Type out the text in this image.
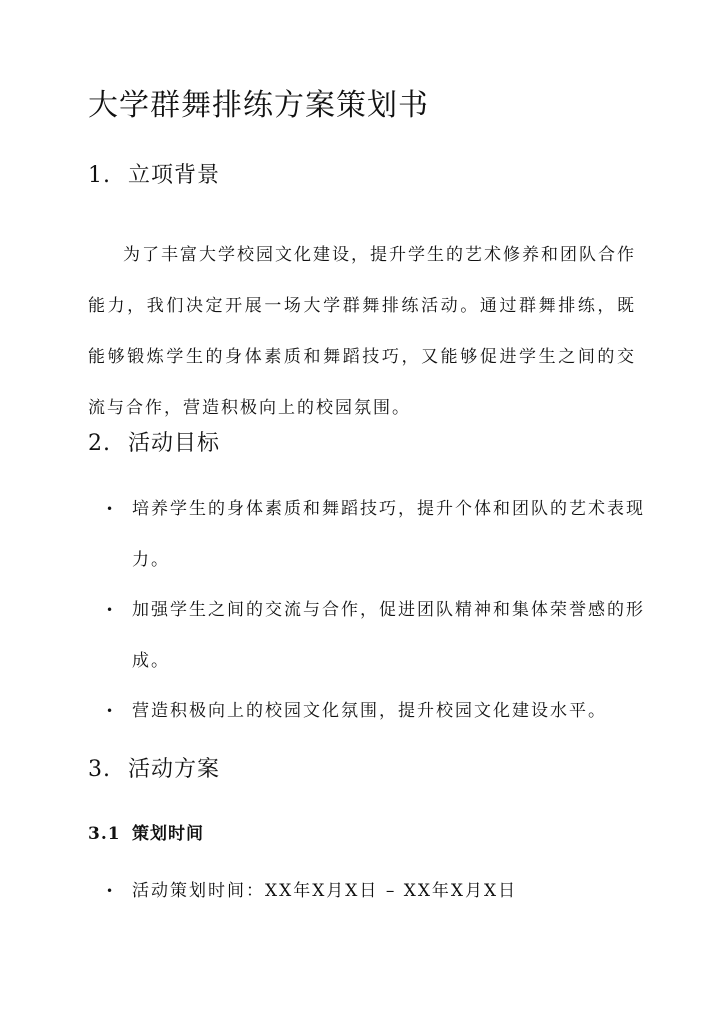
大学群舞排练方案策划书
1. 立项背景

为了丰富大学校园文化建设，提升学生的艺术修养和团队合作能力，我们决定开展一场大学群舞排练活动。通过群舞排练，既能够锻炼学生的身体素质和舞蹈技巧，又能够促进学生之间的交流与合作，营造积极向上的校园氛围。

2. 活动目标
• 培养学生的身体素质和舞蹈技巧，提升个体和团队的艺术表现力。
• 加强学生之间的交流与合作，促进团队精神和集体荣誉感的形成。
• 营造积极向上的校园文化氛围，提升校园文化建设水平。
3. 活动方案
3.1 策划时间
• 活动策划时间：XX年X月X日 – XX年X月X日
